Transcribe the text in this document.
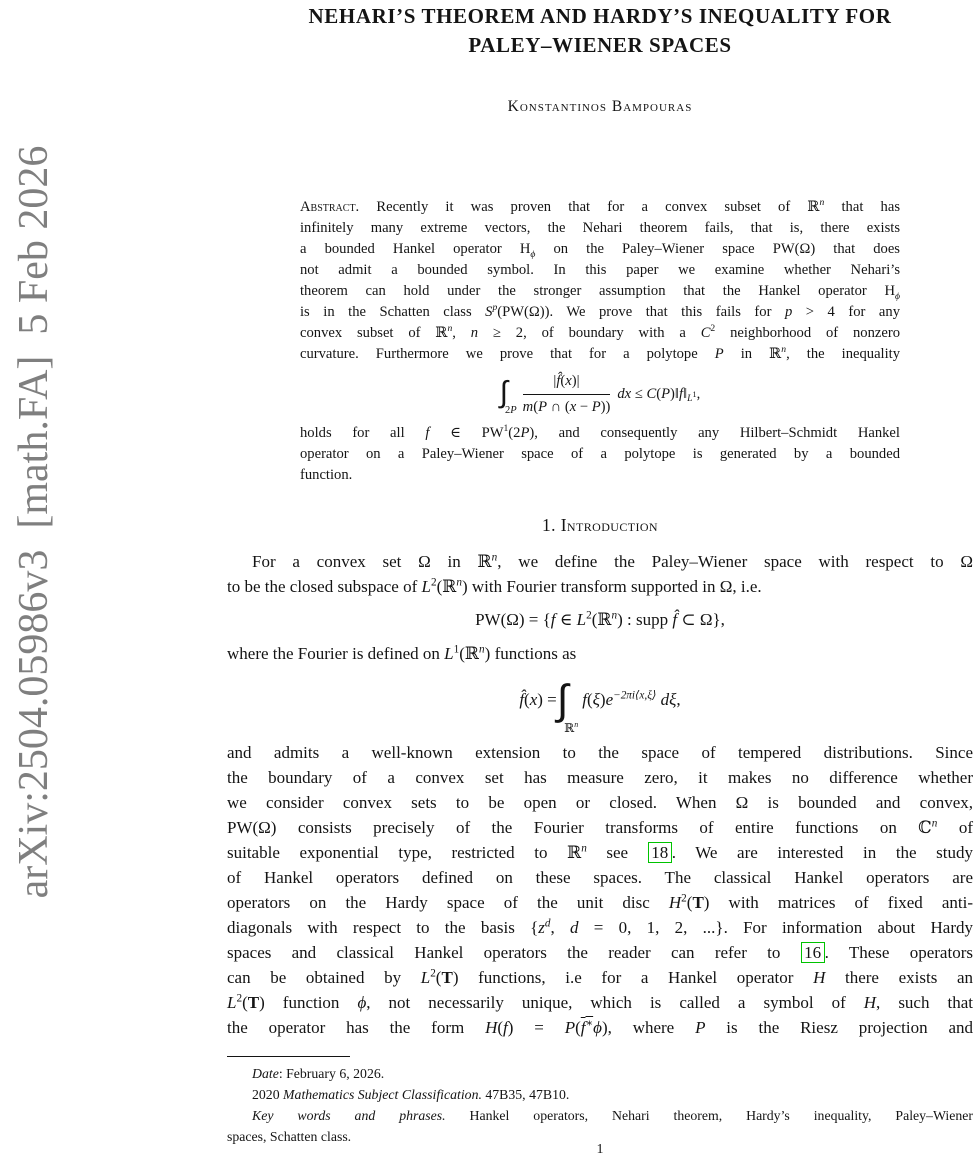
arXiv:2504.05986v3  [math.FA]  5 Feb 2026
NEHARI’S THEOREM AND HARDY’S INEQUALITY FOR
PALEY–WIENER SPACES
Konstantinos Bampouras
Abstract. Recently it was proven that for a convex subset of ℝ$^n$ that has
infinitely many extreme vectors, the Nehari theorem fails, that is, there exists
a bounded Hankel operator $H_\phi$ on the Paley–Wiener space PW(Ω) that does
not admit a bounded symbol. In this paper we examine whether Nehari’s
theorem can hold under the stronger assumption that the Hankel operator $H_\phi$
is in the Schatten class $S^p(PW(\Omega))$. We prove that this fails for p > 4 for any
convex subset of ℝ$^n$, n ≥ 2, of boundary with a $C^2$ neighborhood of nonzero
curvature. Furthermore we prove that for a polytope P in ℝ$^n$, the inequality
$\int_{2P} \frac{|f̂(x)|}{m(P \cap (x - P))}$ dx ≤ $C(P)‖f‖_{L^1}$,
holds for all f ∈ $PW^1(2P)$, and consequently any Hilbert–Schmidt Hankel
operator on a Paley–Wiener space of a polytope is generated by a bounded
function.
1. Introduction
For a convex set Ω in ℝ$^n$, we define the Paley–Wiener space with respect to Ω
to be the closed subspace of $L^2(ℝ^n)$ with Fourier transform supported in Ω, i.e.
PW(Ω) = {f ∈ $L^2(ℝ^n)$ : supp f̂ ⊂ Ω},
where the Fourier is defined on $L^1(ℝ^n)$ functions as
f̂(x) = $\int_{ℝ^n}$
$f(\xi)e^{-2\pi i⟨x,\xi⟩}$ dξ,
and admits a well-known extension to the space of tempered distributions. Since
the boundary of a convex set has measure zero, it makes no difference whether
we consider convex sets to be open or closed. When Ω is bounded and convex,
PW(Ω) consists precisely of the Fourier transforms of entire functions on ℂ$^n$ of
suitable exponential type, restricted to ℝ$^n$ see 18 . We are interested in the study
of Hankel operators defined on these spaces. The classical Hankel operators are
operators on the Hardy space of the unit disc $H^2(T)$ with matrices of fixed anti-
diagonals with respect to the basis {$z^d$, d = 0, 1, 2, ...}. For information about Hardy
spaces and classical Hankel operators the reader can refer to 16 . These operators
can be obtained by $L^2(T)$ functions, i.e for a Hankel operator H there exists an
$L^2(T)$ function ϕ, not necessarily unique, which is called a symbol of H, such that
the operator has the form H(f) = P(f∗ϕ), where P is the Riesz projection and
Date: February 6, 2026.
2020 Mathematics Subject Classification. 47B35, 47B10.
Key words and phrases. Hankel operators, Nehari theorem, Hardy’s inequality, Paley–Wiener
spaces, Schatten class.
1
